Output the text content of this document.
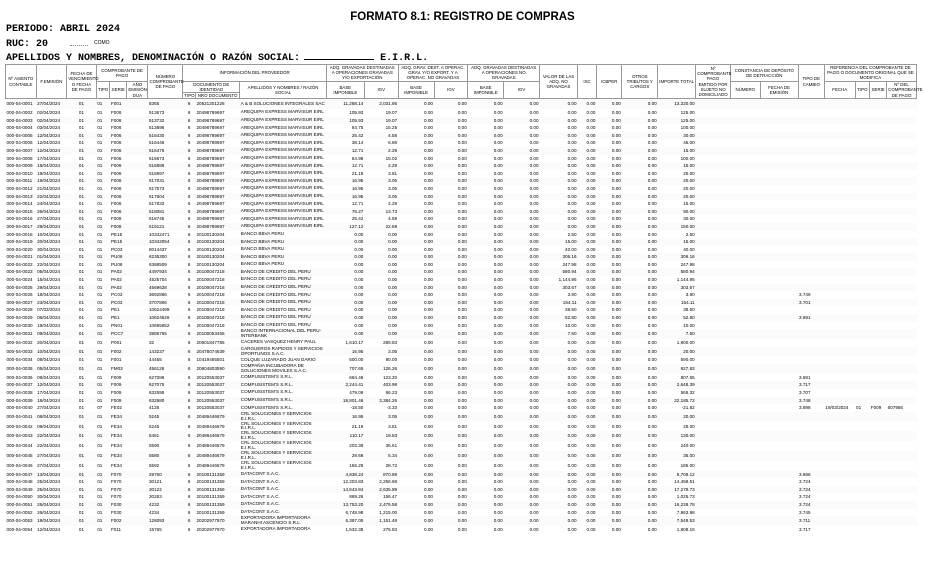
FORMATO 8.1: REGISTRO DE COMPRAS
PERIODO: ABRIL 2024
RUC: 20	COMO
APELLIDOS Y NOMBRES, DENOMINACIÓN O RAZÓN SOCIAL:	E.I.R.L.
Nº ASIENTO CONTABLE	F.EMISIÓN	FECHA DE VENCIMIENTO O FECHA DE PAGO	COMPROBANTE DE PAGO			NÚMERO COMPROBANTE DE PAGO	INFORMACIÓN DEL PROVEEDOR			ADQ. GRAVADAS DESTINADAS A OPERACIONES GRAVADAS Y/O EXPORTACIÓN		ADQ. GRAV. DEST. A OPERAC. GRAV. Y/O EXPORT. Y A OPERAC. NO GRAVADAS		ADQ. GRAVADAS DESTINADAS A OPERACIONES NO GRAVADAS		VALOR DE LAS ADQ. NO GRAVADAS	ISC	ICBPER	OTROS TRIBUTOS Y CARGOS	IMPORTE TOTAL	Nº COMPROBANTE PAGO EMITIDO POR SUJETO NO DOMICILIADO	CONSTANCIA DE DEPÓSITO DE DETRACCIÓN		TIPO DE CAMBIO	REFERENCIA DEL COMPROBANTE DE PAGO O DOCUMENTO ORIGINAL QUE SE MODIFICA			
			TIPO	SERIE	AÑO EMISIÓN DUA		DOCUMENTO DE IDENTIDAD		APELLIDOS Y NOMBRES / RAZÓN SOCIAL	BASE IMPONIBLE	IGV	BASE IMPONIBLE	IGV	BASE IMPONIBLE	IGV							NÚMERO	FECHA DE EMISIÓN		FECHA	TIPO	SERIE	Nº DEL COMPROBANTE DE PAGO
							TIPO	NRO DOCUMENTO																				
000-04-0001	27/04/2024	01	01	F001		8355	6	20521201228	A & B SOLUCIONES INTEGRALES SAC	11,288.14	2,031.86	0.00	0.00	0.00	0.00	0.00	0.00	0.00	0.00	13,320.00								
000-04-0002	02/04/2024	01	01	F006		513673	6	20498789697	AREQUIPA EXPRESS MARVISUR EIRL	105.93	19.07	0.00	0.00	0.00	0.00	0.00	0.00	0.00	0.00	125.00								
000-04-0003	02/04/2024	01	01	F006		513732	6	20498789697	AREQUIPA EXPRESS MARVISUR EIRL	105.93	19.07	0.00	0.00	0.00	0.00	0.00	0.00	0.00	0.00	125.00								
000-04-0004	03/04/2024	01	01	F006		513896	6	20498789697	AREQUIPA EXPRESS MARVISUR EIRL	84.75	15.25	0.00	0.00	0.00	0.00	0.00	0.00	0.00	0.00	100.00								
000-04-0005	12/04/2024	01	01	F006		516430	6	20498789697	AREQUIPA EXPRESS MARVISUR EIRL	25.42	4.58	0.00	0.00	0.00	0.00	0.00	0.00	0.00	0.00	30.00								
000-04-0006	12/04/2024	01	01	F006		516446	6	20498789697	AREQUIPA EXPRESS MARVISUR EIRL	38.14	6.86	0.00	0.00	0.00	0.00	0.00	0.00	0.00	0.00	45.00								
000-04-0007	12/04/2024	01	01	F006		516476	6	20498789697	AREQUIPA EXPRESS MARVISUR EIRL	12.71	2.29	0.00	0.00	0.00	0.00	0.00	0.00	0.00	0.00	15.00								
000-04-0008	17/04/2024	01	01	F006		516673	6	20498789697	AREQUIPA EXPRESS MARVISUR EIRL	84.98	15.02	0.00	0.00	0.00	0.00	0.00	0.00	0.00	0.00	100.00								
000-04-0009	18/04/2024	01	01	F006		516889	6	20498789697	AREQUIPA EXPRESS MARVISUR EIRL	12.71	2.29	0.00	0.00	0.00	0.00	0.00	0.00	0.00	0.00	15.00								
000-04-0010	19/04/2024	01	01	F006		516997	6	20498789697	AREQUIPA EXPRESS MARVISUR EIRL	21.19	3.81	0.00	0.00	0.00	0.00	0.00	0.00	0.00	0.00	25.00								
000-04-0011	19/04/2024	01	01	F006		517031	6	20498789697	AREQUIPA EXPRESS MARVISUR EIRL	16.95	3.05	0.00	0.00	0.00	0.00	0.00	0.00	0.00	0.00	20.00								
000-04-0012	21/04/2024	01	01	F006		517573	6	20498789697	AREQUIPA EXPRESS MARVISUR EIRL	16.95	3.05	0.00	0.00	0.00	0.00	0.00	0.00	0.00	0.00	20.00								
000-04-0013	22/04/2024	01	01	F006		517604	6	20498789697	AREQUIPA EXPRESS MARVISUR EIRL	16.95	3.05	0.00	0.00	0.00	0.00	0.00	0.00	0.00	0.00	20.00								
000-04-0014	24/04/2024	01	01	F006		517833	6	20498789697	AREQUIPA EXPRESS MARVISUR EIRL	12.71	2.29	0.00	0.00	0.00	0.00	0.00	0.00	0.00	0.00	15.00								
000-04-0015	26/04/2024	01	01	F006		518081	6	20498789697	AREQUIPA EXPRESS MARVISUR EIRL	76.27	13.73	0.00	0.00	0.00	0.00	0.00	0.00	0.00	0.00	90.00								
000-04-0016	27/04/2024	01	01	F006		518745	6	20498789697	AREQUIPA EXPRESS MARVISUR EIRL	25.42	4.58	0.00	0.00	0.00	0.00	0.00	0.00	0.00	0.00	30.00								
000-04-0017	29/04/2024	01	01	F006		519121	6	20498789697	AREQUIPA EXPRESS MARVISUR EIRL	127.12	22.88	0.00	0.00	0.00	0.00	0.00	0.00	0.00	0.00	150.00								
000-04-0018	10/04/2024	01	01	PE15		10342471	6	20100130204	BANCO BBVA PERU	0.00	0.00	0.00	0.00	0.00	0.00	2.50	0.00	0.00	0.00	2.50								
000-04-0019	20/04/2024	01	01	PE15		10342054	6	20100130204	BANCO BBVA PERU	0.00	0.00	0.00	0.00	0.00	0.00	15.00	0.00	0.00	0.00	15.00								
000-04-0020	30/04/2024	01	01	PC03		8014437	6	20100130204	BANCO BBVA PERU	0.00	0.00	0.00	0.00	0.00	0.00	40.00	0.00	0.00	0.00	40.00								
000-04-0021	01/04/2024	01	01	PU06		6235300	6	20100130204	BANCO BBVA PERU	0.00	0.00	0.00	0.00	0.00	0.00	306.16	0.00	0.00	0.00	306.16								
000-04-0022	22/04/2024	01	01	PU06		6388509	6	20100130204	BANCO BBVA PERU	0.00	0.00	0.00	0.00	0.00	0.00	247.98	0.00	0.00	0.00	247.98								
000-04-0023	05/04/2024	01	01	PA02		4497934	6	20100047218	BANCO DE CREDITO DEL PERU	0.00	0.00	0.00	0.00	0.00	0.00	580.94	0.00	0.00	0.00	580.94								
000-04-0024	15/04/2024	01	01	PA02		4525704	6	20100047218	BANCO DE CREDITO DEL PERU	0.00	0.00	0.00	0.00	0.00	0.00	1,144.95	0.00	0.00	0.00	1,144.95								
000-04-0025	29/04/2024	01	01	PA02		4569628	6	20100047218	BANCO DE CREDITO DEL PERU	0.00	0.00	0.00	0.00	0.00	0.00	303.67	0.00	0.00	0.00	303.67								
000-04-0026	18/04/2024	01	01	PC03		3692866	6	20100047218	BANCO DE CREDITO DEL PERU	0.00	0.00	0.00	0.00	0.00	0.00	3.90	0.00	0.00	0.00	3.90				3.749				
000-04-0027	23/04/2024	01	01	PC03		3707806	6	20100047218	BANCO DE CREDITO DEL PERU	0.00	0.00	0.00	0.00	0.00	0.00	154.11	0.00	0.00	0.00	154.11				3.701				
000-04-0028	07/03/2024	01	01	PE1		10624499	6	20100047218	BANCO DE CREDITO DEL PERU	0.00	0.00	0.00	0.00	0.00	0.00	38.50	0.00	0.00	0.00	38.50								
000-04-0029	06/04/2024	01	01	PE1		10624626	6	20100047218	BANCO DE CREDITO DEL PERU	0.00	0.00	0.00	0.00	0.00	0.00	52.80	0.00	0.00	0.00	52.80				3.691				
000-04-0030	19/04/2024	01	01	PN01		10685652	6	20100047218	BANCO DE CREDITO DEL PERU	0.00	0.00	0.00	0.00	0.00	0.00	10.00	0.00	0.00	0.00	10.00								
000-04-0031	09/04/2024	01	01	PCC7		3985755	6	20100053455	BANCO INTERNACIONAL DEL PERU-INTERBANK	0.00	0.00	0.00	0.00	0.00	0.00	7.50	0.00	0.00	0.00	7.50								
000-04-0032	20/04/2024	01	01	P001		32	6	20601847785	CACERES VASQUEZ HENRY PAUL	1,610.17	289.83	0.00	0.00	0.00	0.00	0.00	0.00	0.00	0.00	1,900.00								
000-04-0033	10/04/2024	01	01	F002		143237	6	20478074639	CARGUEROS RAPIDOS Y SERVICIOS OPORTUNOS S.A.C.	16.95	3.05	0.00	0.00	0.00	0.00	0.00	0.00	0.00	0.00	20.00								
000-04-0034	08/04/2024	01	01	F001		44455	6	10419465501	COLQUE LUZARADO JUAN DARIO	500.00	90.00	0.00	0.00	0.00	0.00	0.00	0.00	0.00	0.00	590.00								
000-04-0035	05/04/2024	01	01	FM03		456126	6	20604803590	COMPAÑIA INCUBADORA DE SOLUCIONES MOVILES S.A.C.	707.65	126.26	0.00	0.00	0.00	0.00	0.00	0.00	0.00	0.00	827.83								
000-04-0036	09/04/2024	01	01	F009		627086	6	20120553037	COMPUSISTEM'S S.R.L.	684.48	123.20	0.00	0.00	0.00	0.00	0.00	0.00	0.00	0.00	807.65				3.681				
000-04-0037	12/04/2024	01	01	F009		627075	6	20120553037	COMPUSISTEM'S S.R.L.	2,244.41	403.98	0.00	0.00	0.00	0.00	0.00	0.00	0.00	0.00	2,648.39				3.717				
000-04-0038	17/04/2024	01	01	F009		632595	6	20120553037	COMPUSISTEM'S S.R.L.	479.09	86.23	0.00	0.00	0.00	0.00	0.00	0.00	0.00	0.00	565.32				3.707				
000-04-0039	18/04/2024	01	01	F009		632680	6	20120553037	COMPUSISTEM'S S.R.L.	18,801.46	3,384.26	0.00	0.00	0.00	0.00	0.00	0.00	0.00	0.00	22,185.72				3.748				
000-04-0040	27/04/2024	01	07	FE02		4126	6	20120553037	COMPUSISTEM'S S.R.L.	-18.50	-3.33	0.00	0.00	0.00	0.00	0.00	0.00	0.00	0.00	-21.82				3.698	19/03/2024	01	F009	607955
000-04-0041	08/04/2024	01	01	FE34		5245	6	20489446679	CRL SOLUCIONES Y SERVICIOS E.I.R.L.	16.95	3.05	0.00	0.00	0.00	0.00	0.00	0.00	0.00	0.00	20.00								
000-04-0042	09/04/2024	01	01	FE34		5246	6	20489446679	CRL SOLUCIONES Y SERVICIOS E.I.R.L.	21.19	3.81	0.00	0.00	0.00	0.00	0.00	0.00	0.00	0.00	25.00								
000-04-0043	22/04/2024	01	01	FE34		5461	6	20489446679	CRL SOLUCIONES Y SERVICIOS E.I.R.L.	110.17	19.83	0.00	0.00	0.00	0.00	0.00	0.00	0.00	0.00	130.00								
000-04-0044	22/04/2024	01	01	FE34		5590	6	20489446679	CRL SOLUCIONES Y SERVICIOS E.I.R.L.	203.39	36.61	0.00	0.00	0.00	0.00	0.00	0.00	0.00	0.00	240.00								
000-04-0045	27/04/2024	01	01	FE34		5580	6	20489446679	CRL SOLUCIONES Y SERVICIOS E.I.R.L.	29.66	5.34	0.00	0.00	0.00	0.00	0.00	0.00	0.00	0.00	35.00								
000-04-0046	27/04/2024	01	01	FE34		5592	6	20489446679	CRL SOLUCIONES Y SERVICIOS E.I.R.L.	156.28	28.72	0.00	0.00	0.00	0.00	0.00	0.00	0.00	0.00	185.00								
000-04-0047	13/04/2024	01	01	F070		29760	6	20100131359	DATACONT S.A.C.	4,838.24	870.88	0.00	0.00	0.00	0.00	0.00	0.00	0.00	0.00	5,709.12				3.686				
000-04-0048	25/04/2024	01	01	F070		30121	6	20100131359	DATACONT S.A.C.	12,203.83	2,256.68	0.00	0.00	0.00	0.00	0.00	0.00	0.00	0.00	14,458.51				3.724				
000-04-0049	25/04/2024	01	01	F070		30122	6	20100131359	DATACONT S.A.C.	14,643.84	2,635.89	0.00	0.00	0.00	0.00	0.00	0.00	0.00	0.00	17,279.73				3.724				
000-04-0050	30/04/2024	01	01	F070		30263	6	20100131359	DATACONT S.A.C.	869.26	156.47	0.00	0.00	0.00	0.00	0.00	0.00	0.00	0.00	1,025.73				3.724				
000-04-0051	26/04/2024	01	01	F030		4232	6	20100131359	DATACONT S.A.C.	13,753.20	2,475.58	0.00	0.00	0.00	0.00	0.00	0.00	0.00	0.00	16,228.78				3.724				
000-04-0052	26/04/2024	01	01	F030		4234	6	20100131359	DATACONT S.A.C.	6,748.98	1,215.00	0.00	0.00	0.00	0.00	0.00	0.00	0.00	0.00	7,963.98				3.745				
000-04-0053	19/04/2024	01	01	F002		128093	6	20202977970	EXPORTADORA IMPORTADORA MARANHI ASCENCIO S.R.L.	6,397.05	1,151.48	0.00	0.00	0.00	0.00	0.00	0.00	0.00	0.00	7,548.53				3.711				
000-04-0054	12/04/2024	01	01	F011		15765	6	20202977970	EXPORTADORA IMPORTADORA	1,532.38	275.83	0.00	0.00	0.00	0.00	0.00	0.00	0.00	0.00	1,808.16				3.717				
